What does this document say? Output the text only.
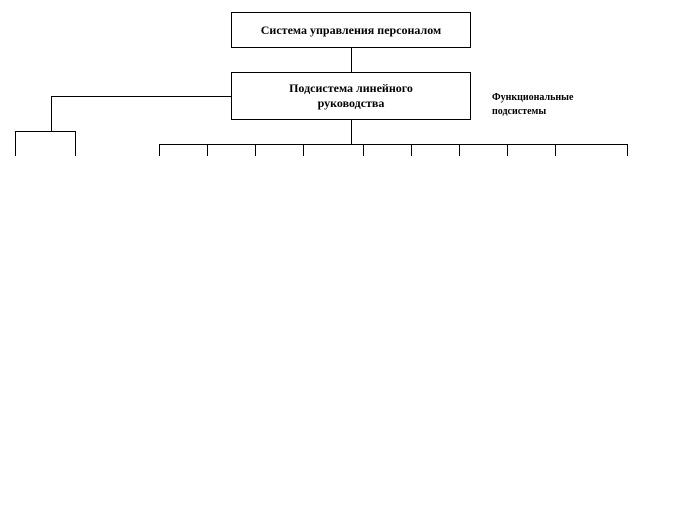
Система управления персоналом
Подсистема линейного руководства	Функциональные подсистемы
